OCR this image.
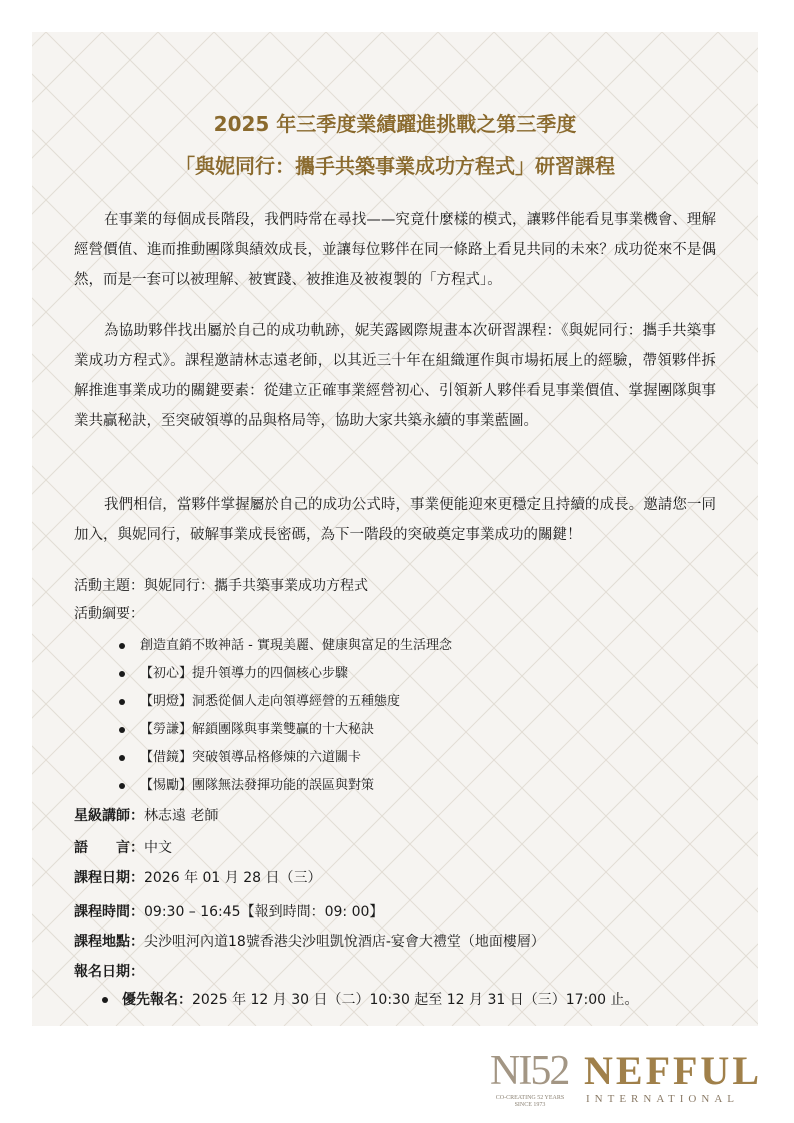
2025 年三季度業績躍進挑戰之第三季度
「與妮同行：攜手共築事業成功方程式」研習課程

在事業的每個成長階段，我們時常在尋找——究竟什麼樣的模式，讓夥伴能看見事業機會、理解經營價值、進而推動團隊與績效成長，並讓每位夥伴在同一條路上看見共同的未來？成功從來不是偶然，而是一套可以被理解、被實踐、被推進及被複製的「方程式」。

為協助夥伴找出屬於自己的成功軌跡，妮芙露國際規畫本次研習課程：《與妮同行：攜手共築事業成功方程式》。課程邀請林志遠老師，以其近三十年在組織運作與市場拓展上的經驗，帶領夥伴拆解推進事業成功的關鍵要素：從建立正確事業經營初心、引領新人夥伴看見事業價值、掌握團隊與事業共贏秘訣，至突破領導的品與格局等，協助大家共築永續的事業藍圖。

我們相信，當夥伴掌握屬於自己的成功公式時，事業便能迎來更穩定且持續的成長。邀請您一同加入，與妮同行，破解事業成長密碼，為下一階段的突破奠定事業成功的關鍵！

活動主題：與妮同行：攜手共築事業成功方程式
活動綱要：
創造直銷不敗神話 - 實現美麗、健康與富足的生活理念
【初心】提升領導力的四個核心步驟
【明燈】洞悉從個人走向領導經營的五種態度
【勞謙】解鎖團隊與事業雙贏的十大秘訣
【借鏡】突破領導品格修煉的六道關卡
【惕勵】團隊無法發揮功能的誤區與對策
星級講師：林志遠 老師
語　　言：中文
課程日期：2026 年 01 月 28 日（三）
課程時間：09:30 – 16:45【報到時間：09: 00】
課程地點：尖沙咀河內道18號香港尖沙咀凱悅酒店-宴會大禮堂（地面樓層）
報名日期：
優先報名：2025 年 12 月 30 日（二）10:30 起至 12 月 31 日（三）17:00 止。
NI52
CO-CREATING 52 YEARS
SINCE 1973
NEFFUL
INTERNATIONAL
